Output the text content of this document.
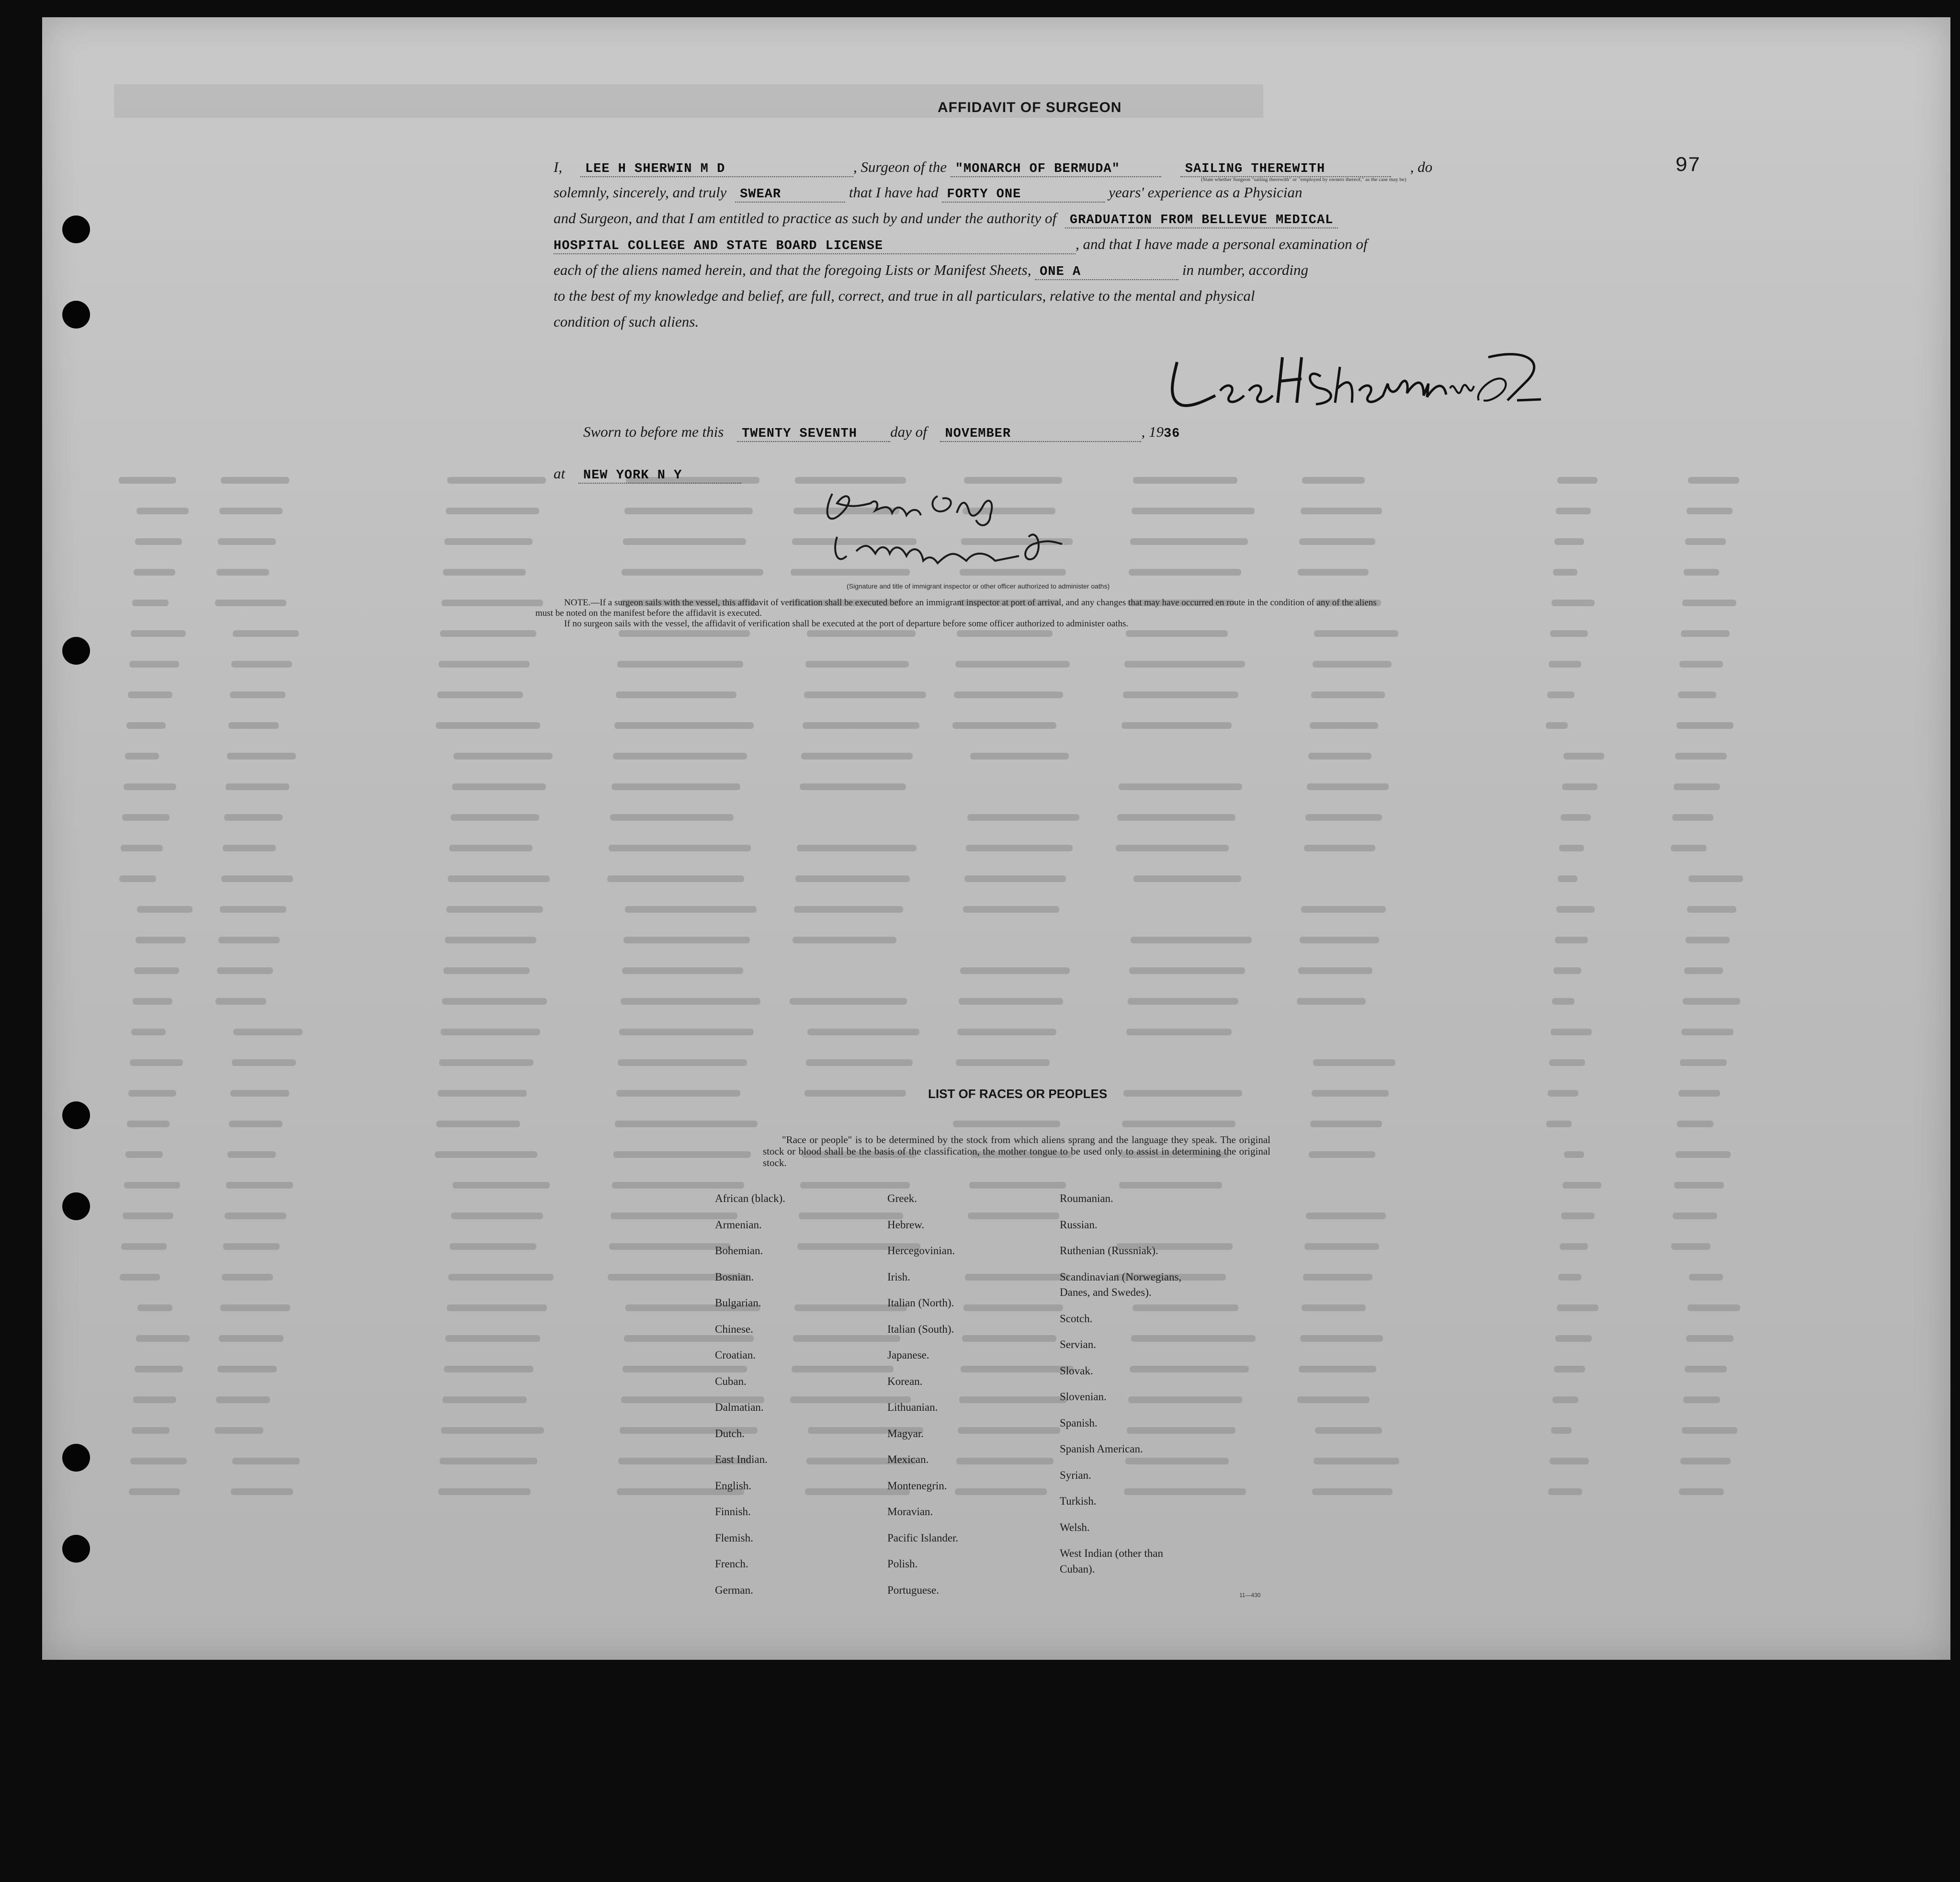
97
AFFIDAVIT OF SURGEON
I, LEE H SHERWIN M D	, Surgeon of the "MONARCH OF BERMUDA"	SAILING THEREWITH	, do
(State whether Surgeon "sailing therewith" or "employed by owners thereof," as the case may be)
solemnly, sincerely, and truly SWEAR	that I have had FORTY ONE	years' experience as a Physician
and Surgeon, and that I am entitled to practice as such by and under the authority of GRADUATION FROM BELLEVUE MEDICAL
HOSPITAL COLLEGE AND STATE BOARD LICENSE	, and that I have made a personal examination of
each of the aliens named herein, and that the foregoing Lists or Manifest Sheets, ONE A	in number, according
to the best of my knowledge and belief, are full, correct, and true in all particulars, relative to the mental and physical
condition of such aliens.
Sworn to before me this TWENTY SEVENTH day of NOVEMBER	, 1936
at NEW YORK N Y
(Signature and title of immigrant inspector or other officer authorized to administer oaths)

NOTE.—If a surgeon sails with the vessel, this affidavit of verification shall be executed before an immigrant inspector at port of arrival, and any changes that may have occurred en route in the condition of any of the aliens must be noted on the manifest before the affidavit is executed.

If no surgeon sails with the vessel, the affidavit of verification shall be executed at the port of departure before some officer authorized to administer oaths.

LIST OF RACES OR PEOPLES
"Race or people" is to be determined by the stock from which aliens sprang and the language they speak. The original stock or blood shall be the basis of the classification, the mother tongue to be used only to assist in determining the original stock.
African (black).
Armenian.
Bohemian.
Bosnian.
Bulgarian.
Chinese.
Croatian.
Cuban.
Dalmatian.
Dutch.
East Indian.
English.
Finnish.
Flemish.
French.
German.
Greek.
Hebrew.
Hercegovinian.
Irish.
Italian (North).
Italian (South).
Japanese.
Korean.
Lithuanian.
Magyar.
Mexican.
Montenegrin.
Moravian.
Pacific Islander.
Polish.
Portuguese.
Roumanian.
Russian.
Ruthenian (Russniak).
Scandinavian (Norwegians,
Danes, and Swedes).
Scotch.
Servian.
Slovak.
Slovenian.
Spanish.
Spanish American.
Syrian.
Turkish.
Welsh.
West Indian (other than
Cuban).
11—430
